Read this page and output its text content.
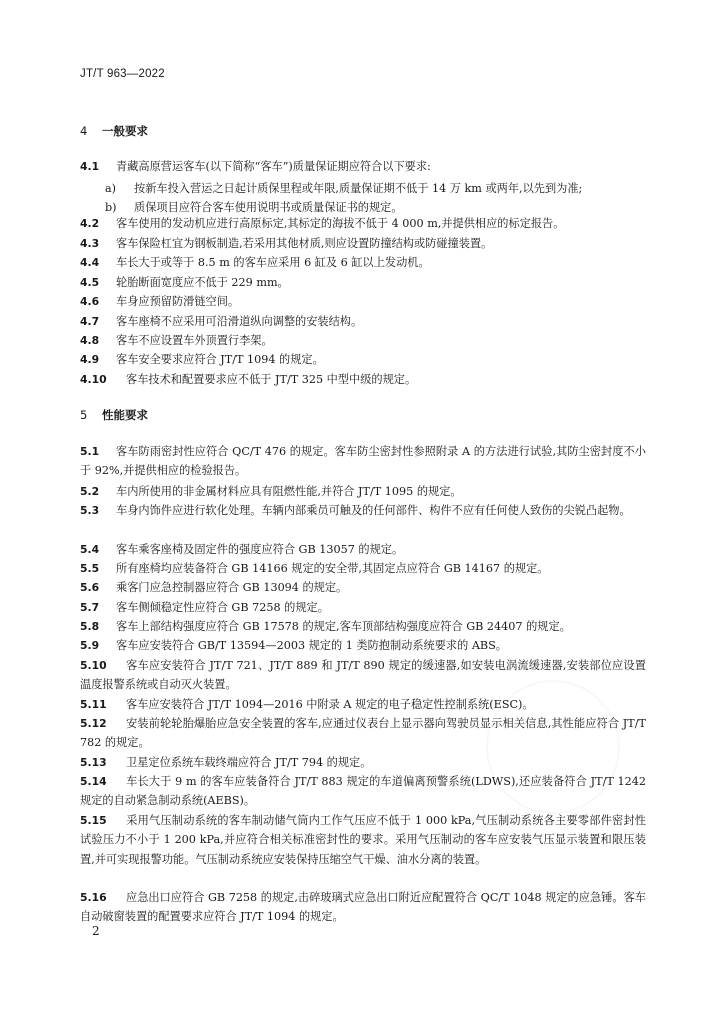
JT/T 963—2022
4 一般要求
4.1 青藏高原营运客车(以下简称“客车”)质量保证期应符合以下要求:
a) 按新车投入营运之日起计质保里程或年限,质量保证期不低于 14 万 km 或两年,以先到为准;
b) 质保项目应符合客车使用说明书或质量保证书的规定。
4.2 客车使用的发动机应进行高原标定,其标定的海拔不低于 4 000 m,并提供相应的标定报告。
4.3 客车保险杠宜为钢板制造,若采用其他材质,则应设置防撞结构或防碰撞装置。
4.4 车长大于或等于 8.5 m 的客车应采用 6 缸及 6 缸以上发动机。
4.5 轮胎断面宽度应不低于 229 mm。
4.6 车身应预留防滑链空间。
4.7 客车座椅不应采用可沿滑道纵向调整的安装结构。
4.8 客车不应设置车外顶置行李架。
4.9 客车安全要求应符合 JT/T 1094 的规定。
4.10 客车技术和配置要求应不低于 JT/T 325 中型中级的规定。
5 性能要求
5.1 客车防雨密封性应符合 QC/T 476 的规定。客车防尘密封性参照附录 A 的方法进行试验,其防尘密封度不小于 92%,并提供相应的检验报告。
5.2 车内所使用的非金属材料应具有阻燃性能,并符合 JT/T 1095 的规定。
5.3 车身内饰件应进行软化处理。车辆内部乘员可触及的任何部件、构件不应有任何使人致伤的尖锐凸起物。
5.4 客车乘客座椅及固定件的强度应符合 GB 13057 的规定。
5.5 所有座椅均应装备符合 GB 14166 规定的安全带,其固定点应符合 GB 14167 的规定。
5.6 乘客门应急控制器应符合 GB 13094 的规定。
5.7 客车侧倾稳定性应符合 GB 7258 的规定。
5.8 客车上部结构强度应符合 GB 17578 的规定,客车顶部结构强度应符合 GB 24407 的规定。
5.9 客车应安装符合 GB/T 13594—2003 规定的 1 类防抱制动系统要求的 ABS。
5.10 客车应安装符合 JT/T 721、JT/T 889 和 JT/T 890 规定的缓速器,如安装电涡流缓速器,安装部位应设置温度报警系统或自动灭火装置。
5.11 客车应安装符合 JT/T 1094—2016 中附录 A 规定的电子稳定性控制系统(ESC)。
5.12 安装前轮轮胎爆胎应急安全装置的客车,应通过仪表台上显示器向驾驶员显示相关信息,其性能应符合 JT/T 782 的规定。
5.13 卫星定位系统车载终端应符合 JT/T 794 的规定。
5.14 车长大于 9 m 的客车应装备符合 JT/T 883 规定的车道偏离预警系统(LDWS),还应装备符合 JT/T 1242 规定的自动紧急制动系统(AEBS)。
5.15 采用气压制动系统的客车制动储气筒内工作气压应不低于 1 000 kPa,气压制动系统各主要零部件密封性试验压力不小于 1 200 kPa,并应符合相关标准密封性的要求。采用气压制动的客车应安装气压显示装置和限压装置,并可实现报警功能。气压制动系统应安装保持压缩空气干燥、油水分离的装置。
5.16 应急出口应符合 GB 7258 的规定,击碎玻璃式应急出口附近应配置符合 QC/T 1048 规定的应急锤。客车自动破窗装置的配置要求应符合 JT/T 1094 的规定。
2
